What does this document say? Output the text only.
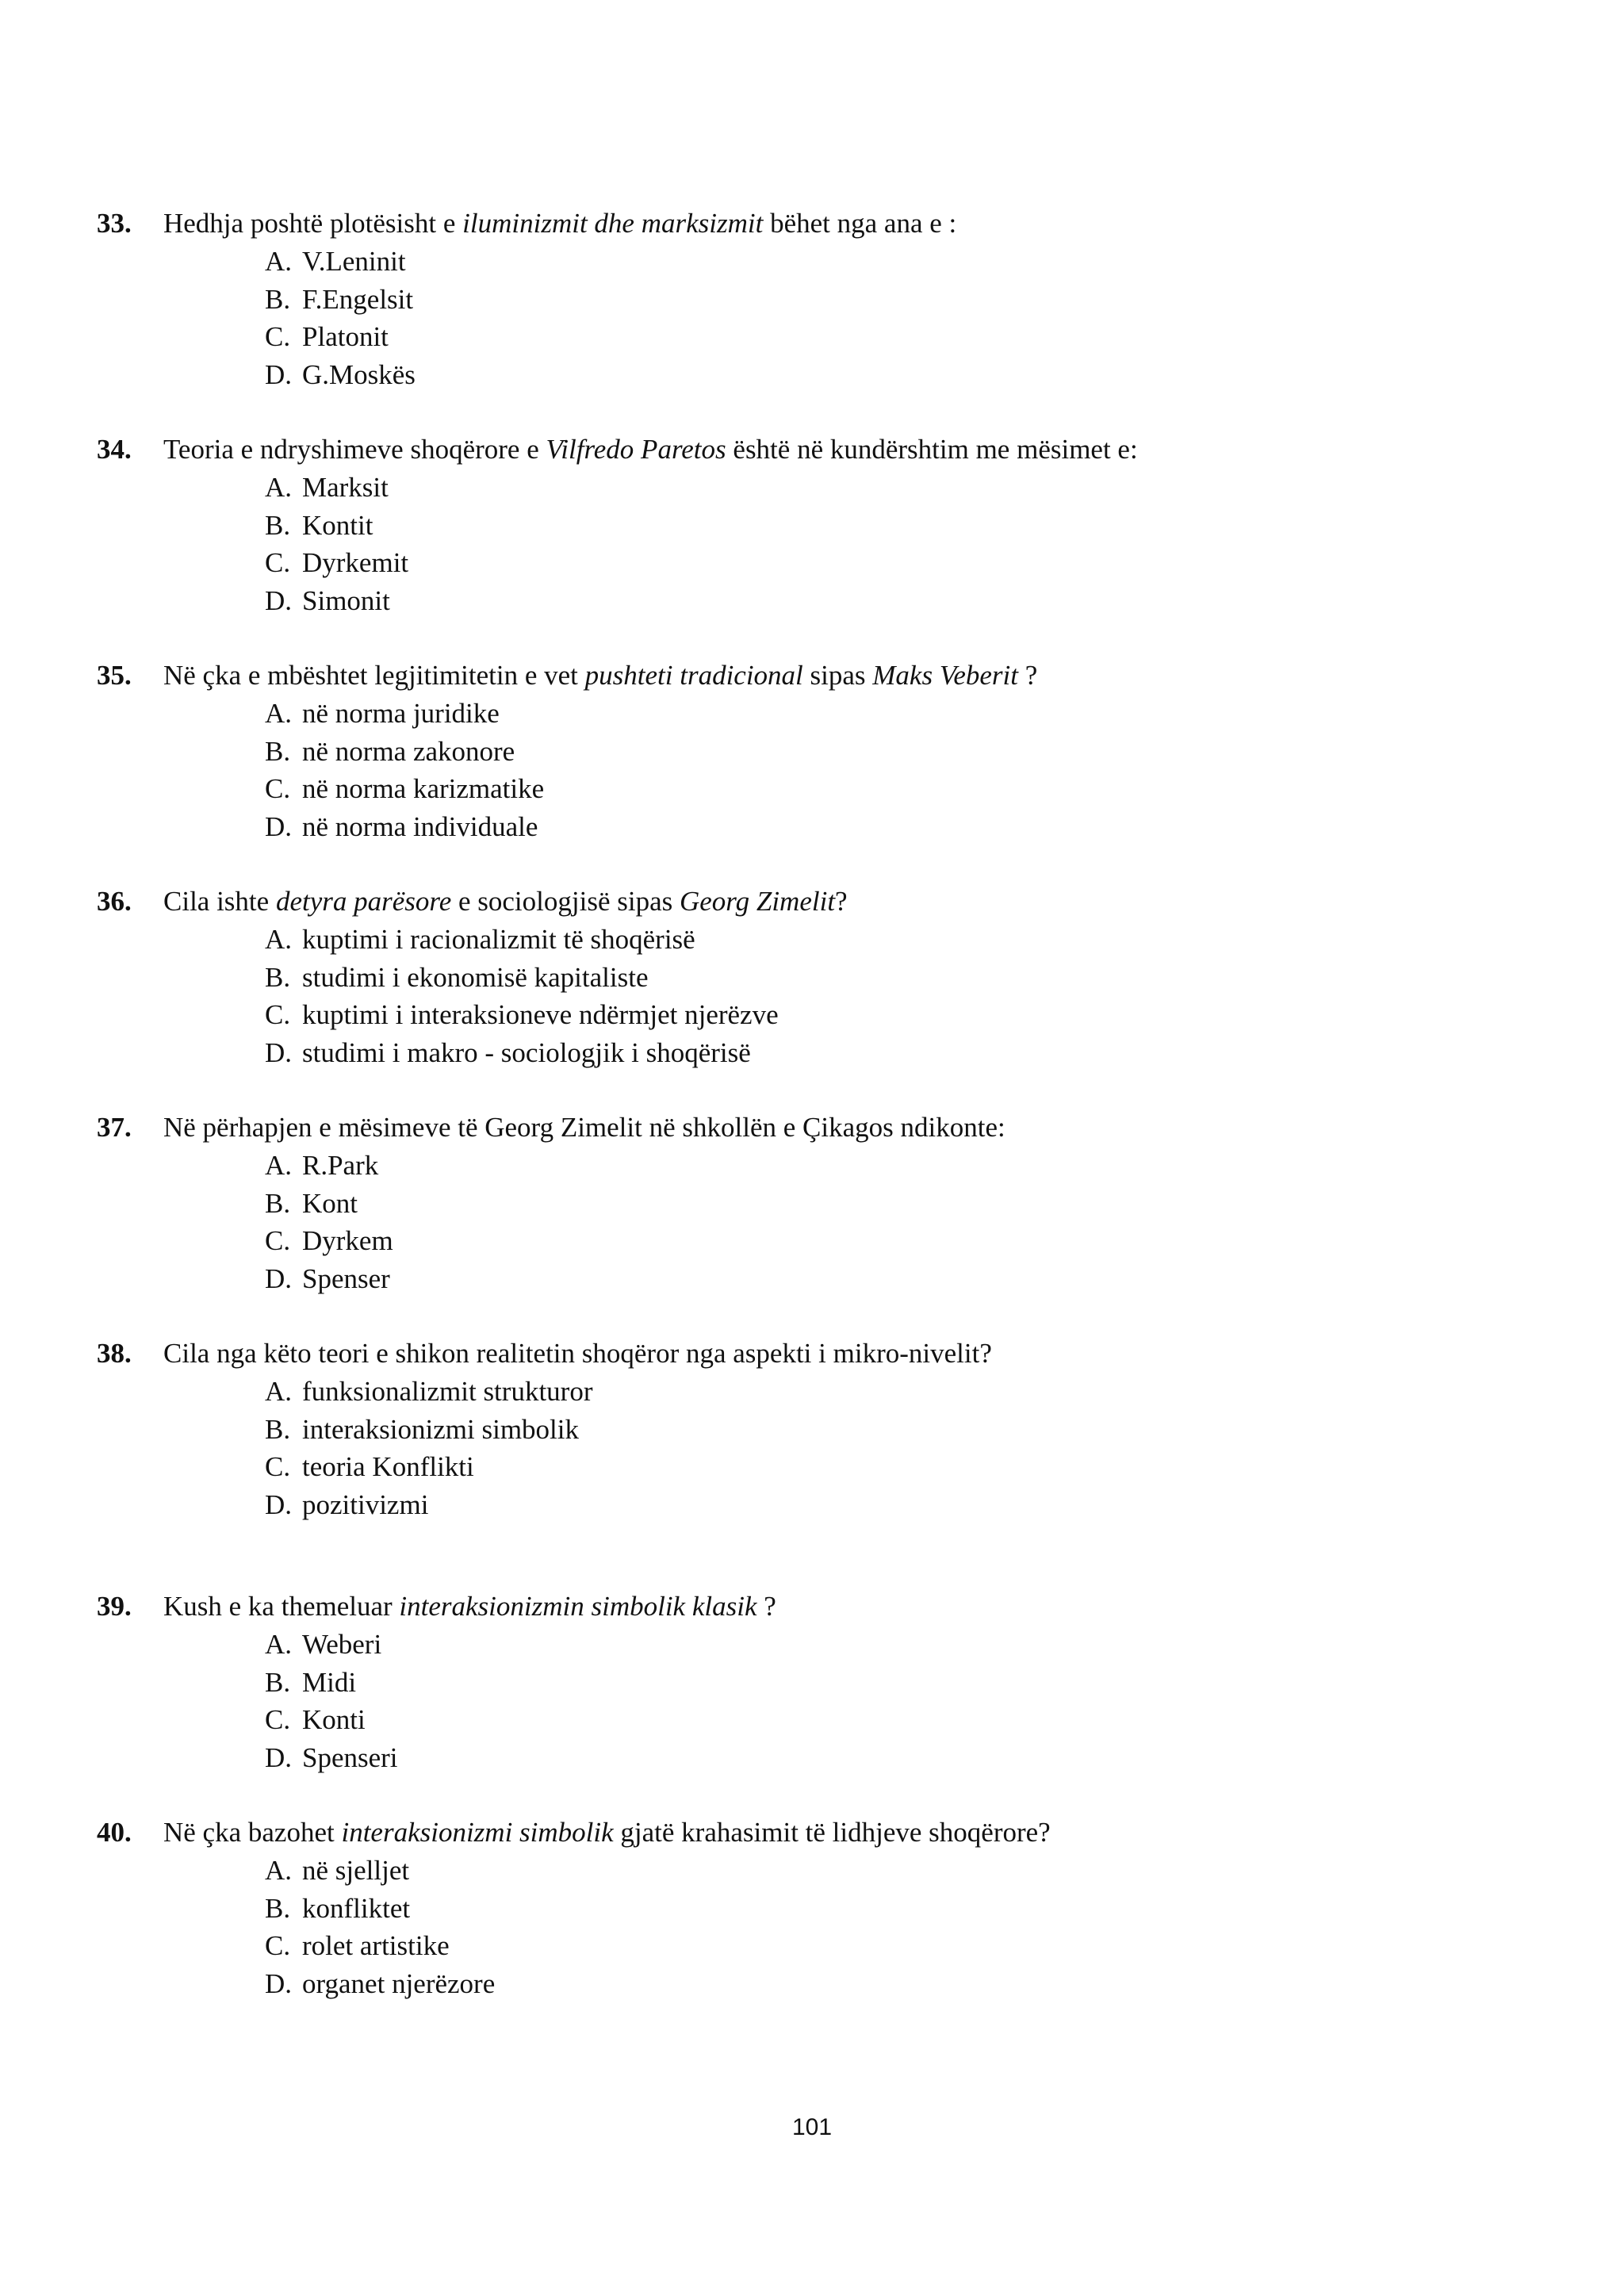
33. Hedhja poshtë plotësisht e iluminizmit dhe marksizmit bëhet nga ana e :
A. V.Leninit
B. F.Engelsit
C. Platonit
D. G.Moskës
34. Teoria e ndryshimeve shoqërore e Vilfredo Paretos është në kundërshtim me mësimet e:
A. Marksit
B. Kontit
C. Dyrkemit
D. Simonit
35. Në çka e mbështet legjitimitetin e vet pushteti tradicional sipas Maks Veberit ?
A. në norma juridike
B. në norma zakonore
C. në norma karizmatike
D. në norma individuale
36. Cila ishte detyra parësore e sociologjisë sipas Georg Zimelit?
A. kuptimi i racionalizmit të shoqërisë
B. studimi i ekonomisë kapitaliste
C. kuptimi i interaksioneve ndërmjet njerëzve
D. studimi i makro - sociologjik i shoqërisë
37. Në përhapjen e mësimeve të Georg Zimelit në shkollën e Çikagos ndikonte:
A. R.Park
B. Kont
C. Dyrkem
D. Spenser
38. Cila nga këto teori e shikon realitetin shoqëror nga aspekti i mikro-nivelit?
A. funksionalizmit strukturor
B. interaksionizmi simbolik
C. teoria Konflikti
D. pozitivizmi
39. Kush e ka themeluar interaksionizmin simbolik klasik ?
A. Weberi
B. Midi
C. Konti
D. Spenseri
40. Në çka bazohet interaksionizmi simbolik gjatë krahasimit të lidhjeve shoqërore?
A. në sjelljet
B. konfliktet
C. rolet artistike
D. organet njerëzore
101
